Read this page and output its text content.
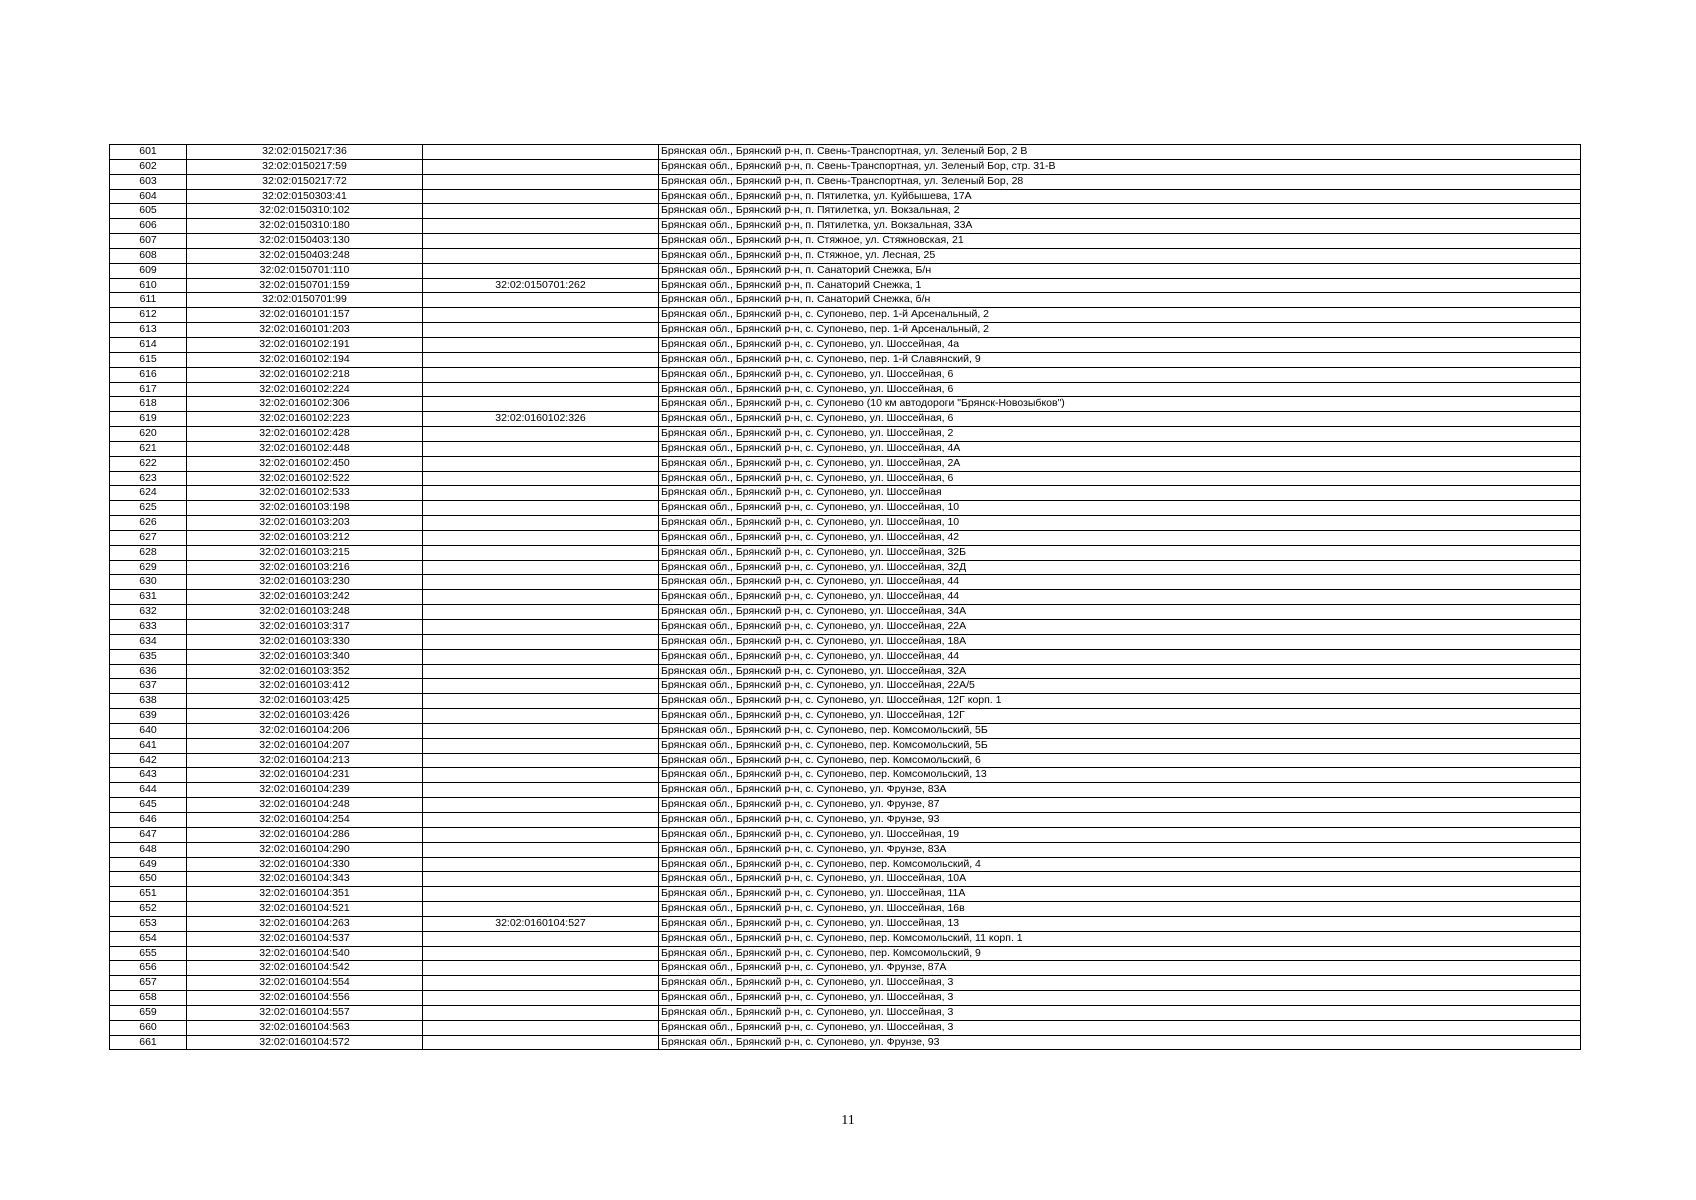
601	32:02:0150217:36		Брянская обл., Брянский р-н, п. Свень-Транспортная, ул. Зеленый Бор, 2 В
602	32:02:0150217:59		Брянская обл., Брянский р-н, п. Свень-Транспортная, ул. Зеленый Бор, стр. 31-В
603	32:02:0150217:72		Брянская обл., Брянский р-н, п. Свень-Транспортная, ул. Зеленый Бор, 28
604	32:02:0150303:41		Брянская обл., Брянский р-н, п. Пятилетка, ул. Куйбышева, 17А
605	32:02:0150310:102		Брянская обл., Брянский р-н, п. Пятилетка, ул. Вокзальная, 2
606	32:02:0150310:180		Брянская обл., Брянский р-н, п. Пятилетка, ул. Вокзальная, 33А
607	32:02:0150403:130		Брянская обл., Брянский р-н, п. Стяжное, ул. Стяжновская, 21
608	32:02:0150403:248		Брянская обл., Брянский р-н, п. Стяжное, ул. Лесная, 25
609	32:02:0150701:110		Брянская обл., Брянский р-н, п. Санаторий Снежка, Б/н
610	32:02:0150701:159	32:02:0150701:262	Брянская обл., Брянский р-н, п. Санаторий Снежка, 1
611	32:02:0150701:99		Брянская обл., Брянский р-н, п. Санаторий Снежка, б/н
612	32:02:0160101:157		Брянская обл., Брянский р-н, с. Супонево, пер. 1-й Арсенальный, 2
613	32:02:0160101:203		Брянская обл., Брянский р-н, с. Супонево, пер. 1-й Арсенальный, 2
614	32:02:0160102:191		Брянская обл., Брянский р-н, с. Супонево, ул. Шоссейная, 4а
615	32:02:0160102:194		Брянская обл., Брянский р-н, с. Супонево, пер. 1-й Славянский, 9
616	32:02:0160102:218		Брянская обл., Брянский р-н, с. Супонево, ул. Шоссейная, 6
617	32:02:0160102:224		Брянская обл., Брянский р-н, с. Супонево, ул. Шоссейная, 6
618	32:02:0160102:306		Брянская обл., Брянский р-н, с. Супонево (10 км автодороги "Брянск-Новозыбков")
619	32:02:0160102:223	32:02:0160102:326	Брянская обл., Брянский р-н, с. Супонево, ул. Шоссейная, 6
620	32:02:0160102:428		Брянская обл., Брянский р-н, с. Супонево, ул. Шоссейная, 2
621	32:02:0160102:448		Брянская обл., Брянский р-н, с. Супонево, ул. Шоссейная, 4А
622	32:02:0160102:450		Брянская обл., Брянский р-н, с. Супонево, ул. Шоссейная, 2А
623	32:02:0160102:522		Брянская обл., Брянский р-н, с. Супонево, ул. Шоссейная, 6
624	32:02:0160102:533		Брянская обл., Брянский р-н, с. Супонево, ул. Шоссейная
625	32:02:0160103:198		Брянская обл., Брянский р-н, с. Супонево, ул. Шоссейная, 10
626	32:02:0160103:203		Брянская обл., Брянский р-н, с. Супонево, ул. Шоссейная, 10
627	32:02:0160103:212		Брянская обл., Брянский р-н, с. Супонево, ул. Шоссейная, 42
628	32:02:0160103:215		Брянская обл., Брянский р-н, с. Супонево, ул. Шоссейная, 32Б
629	32:02:0160103:216		Брянская обл., Брянский р-н, с. Супонево, ул. Шоссейная, 32Д
630	32:02:0160103:230		Брянская обл., Брянский р-н, с. Супонево, ул. Шоссейная, 44
631	32:02:0160103:242		Брянская обл., Брянский р-н, с. Супонево, ул. Шоссейная, 44
632	32:02:0160103:248		Брянская обл., Брянский р-н, с. Супонево, ул. Шоссейная, 34А
633	32:02:0160103:317		Брянская обл., Брянский р-н, с. Супонево, ул. Шоссейная, 22А
634	32:02:0160103:330		Брянская обл., Брянский р-н, с. Супонево, ул. Шоссейная, 18А
635	32:02:0160103:340		Брянская обл., Брянский р-н, с. Супонево, ул. Шоссейная, 44
636	32:02:0160103:352		Брянская обл., Брянский р-н, с. Супонево, ул. Шоссейная, 32А
637	32:02:0160103:412		Брянская обл., Брянский р-н, с. Супонево, ул. Шоссейная, 22А/5
638	32:02:0160103:425		Брянская обл., Брянский р-н, с. Супонево, ул. Шоссейная, 12Г корп. 1
639	32:02:0160103:426		Брянская обл., Брянский р-н, с. Супонево, ул. Шоссейная, 12Г
640	32:02:0160104:206		Брянская обл., Брянский р-н, с. Супонево, пер. Комсомольский, 5Б
641	32:02:0160104:207		Брянская обл., Брянский р-н, с. Супонево, пер. Комсомольский, 5Б
642	32:02:0160104:213		Брянская обл., Брянский р-н, с. Супонево, пер. Комсомольский, 6
643	32:02:0160104:231		Брянская обл., Брянский р-н, с. Супонево, пер. Комсомольский, 13
644	32:02:0160104:239		Брянская обл., Брянский р-н, с. Супонево, ул. Фрунзе, 83А
645	32:02:0160104:248		Брянская обл., Брянский р-н, с. Супонево, ул. Фрунзе, 87
646	32:02:0160104:254		Брянская обл., Брянский р-н, с. Супонево, ул. Фрунзе, 93
647	32:02:0160104:286		Брянская обл., Брянский р-н, с. Супонево, ул. Шоссейная, 19
648	32:02:0160104:290		Брянская обл., Брянский р-н, с. Супонево, ул. Фрунзе, 83А
649	32:02:0160104:330		Брянская обл., Брянский р-н, с. Супонево, пер. Комсомольский, 4
650	32:02:0160104:343		Брянская обл., Брянский р-н, с. Супонево, ул. Шоссейная, 10А
651	32:02:0160104:351		Брянская обл., Брянский р-н, с. Супонево, ул. Шоссейная, 11А
652	32:02:0160104:521		Брянская обл., Брянский р-н, с. Супонево, ул. Шоссейная, 16в
653	32:02:0160104:263	32:02:0160104:527	Брянская обл., Брянский р-н, с. Супонево, ул. Шоссейная, 13
654	32:02:0160104:537		Брянская обл., Брянский р-н, с. Супонево, пер. Комсомольский, 11 корп. 1
655	32:02:0160104:540		Брянская обл., Брянский р-н, с. Супонево, пер. Комсомольский, 9
656	32:02:0160104:542		Брянская обл., Брянский р-н, с. Супонево, ул. Фрунзе, 87А
657	32:02:0160104:554		Брянская обл., Брянский р-н, с. Супонево, ул. Шоссейная, 3
658	32:02:0160104:556		Брянская обл., Брянский р-н, с. Супонево, ул. Шоссейная, 3
659	32:02:0160104:557		Брянская обл., Брянский р-н, с. Супонево, ул. Шоссейная, 3
660	32:02:0160104:563		Брянская обл., Брянский р-н, с. Супонево, ул. Шоссейная, 3
661	32:02:0160104:572		Брянская обл., Брянский р-н, с. Супонево, ул. Фрунзе, 93
11
